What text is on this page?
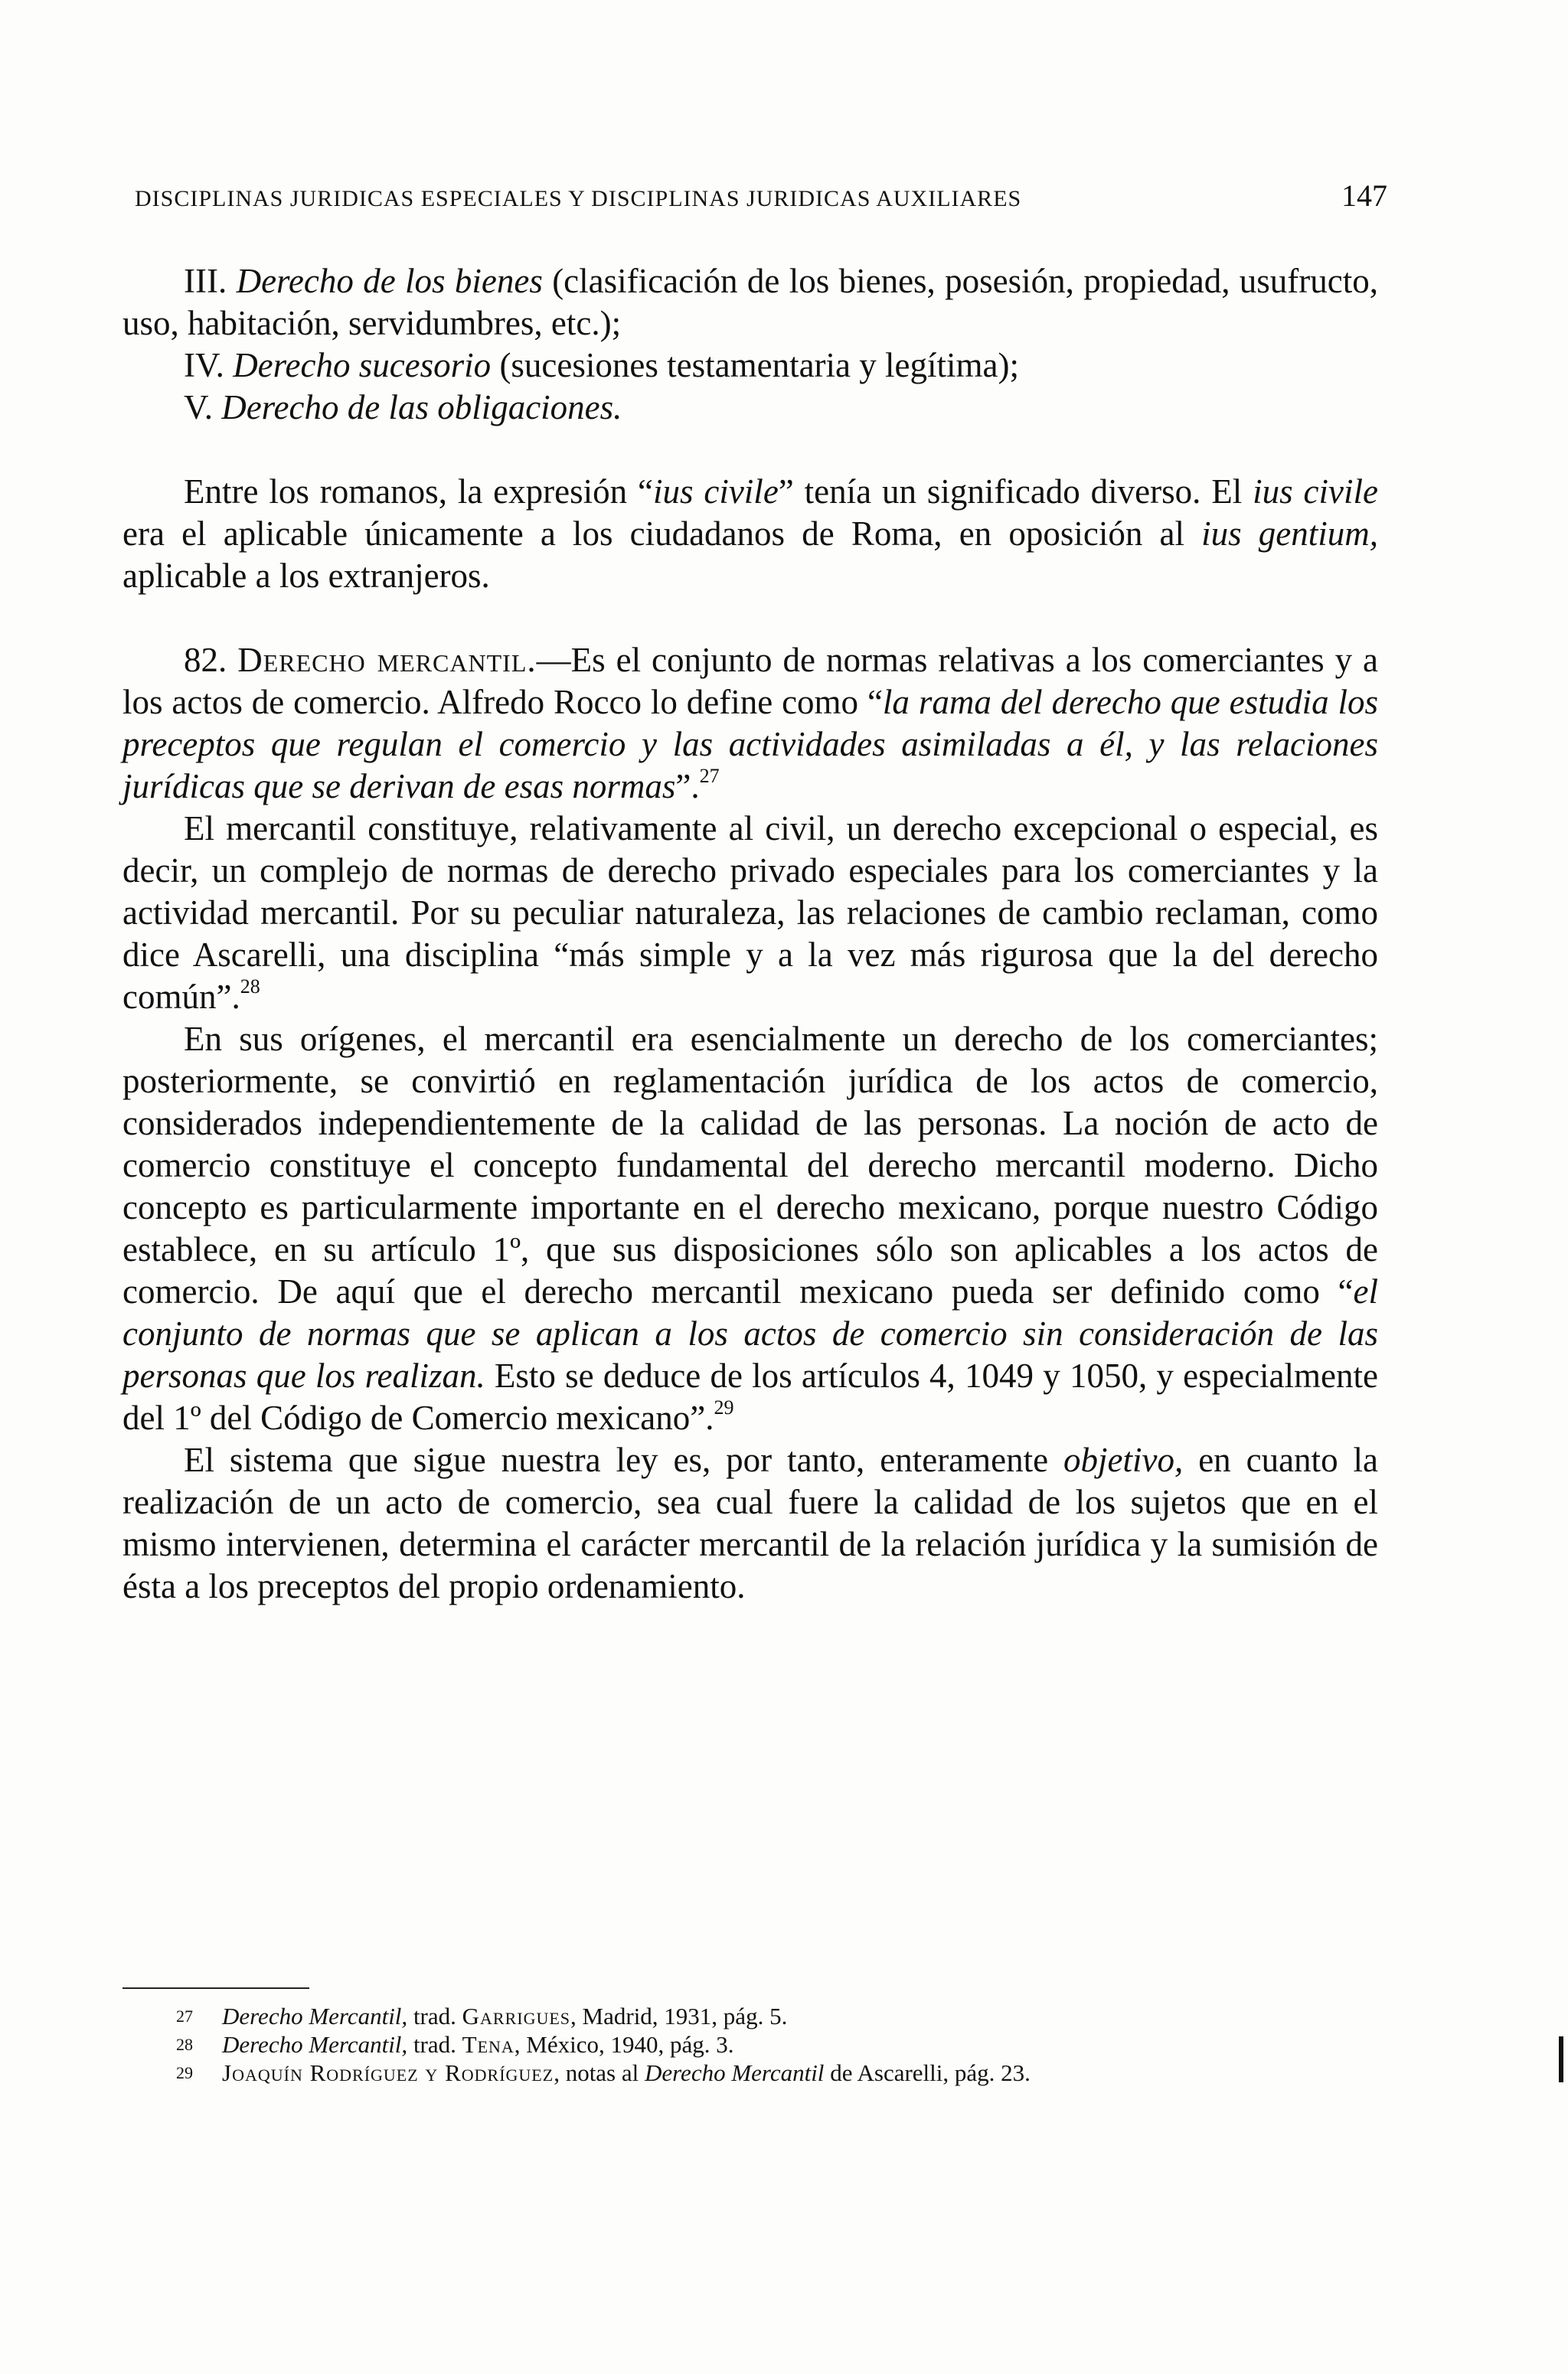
DISCIPLINAS JURIDICAS ESPECIALES Y DISCIPLINAS JURIDICAS AUXILIARES	147

III. Derecho de los bienes (clasificación de los bienes, posesión, propiedad, usufructo, uso, habitación, servidumbres, etc.);

IV. Derecho sucesorio (sucesiones testamentaria y legítima);

V. Derecho de las obligaciones.

Entre los romanos, la expresión “ius civile” tenía un significado diverso. El ius civile era el aplicable únicamente a los ciudadanos de Roma, en oposición al ius gentium, aplicable a los extranjeros.

82. Derecho mercantil.—Es el conjunto de normas relativas a los comerciantes y a los actos de comercio. Alfredo Rocco lo define como “la rama del derecho que estudia los preceptos que regulan el comercio y las actividades asimiladas a él, y las relaciones jurídicas que se derivan de esas normas”.$^{27}$

El mercantil constituye, relativamente al civil, un derecho excepcional o especial, es decir, un complejo de normas de derecho privado especiales para los comerciantes y la actividad mercantil. Por su peculiar naturaleza, las relaciones de cambio reclaman, como dice Ascarelli, una disciplina “más simple y a la vez más rigurosa que la del derecho común”.$^{28}$

En sus orígenes, el mercantil era esencialmente un derecho de los comerciantes; posteriormente, se convirtió en reglamentación jurídica de los actos de comercio, considerados independientemente de la calidad de las personas. La noción de acto de comercio constituye el concepto fundamental del derecho mercantil moderno. Dicho concepto es particularmente importante en el derecho mexicano, porque nuestro Código establece, en su artículo 1º, que sus disposiciones sólo son aplicables a los actos de comercio. De aquí que el derecho mercantil mexicano pueda ser definido como “el conjunto de normas que se aplican a los actos de comercio sin consideración de las personas que los realizan. Esto se deduce de los artículos 4, 1049 y 1050, y especialmente del 1º del Código de Comercio mexicano”.$^{29}$

El sistema que sigue nuestra ley es, por tanto, enteramente objetivo, en cuanto la realización de un acto de comercio, sea cual fuere la calidad de los sujetos que en el mismo intervienen, determina el carácter mercantil de la relación jurídica y la sumisión de ésta a los preceptos del propio ordenamiento.

27	Derecho Mercantil, trad. Garrigues, Madrid, 1931, pág. 5.

28	Derecho Mercantil, trad. Tena, México, 1940, pág. 3.

29	Joaquín Rodríguez y Rodríguez, notas al Derecho Mercantil de Ascarelli, pág. 23.
